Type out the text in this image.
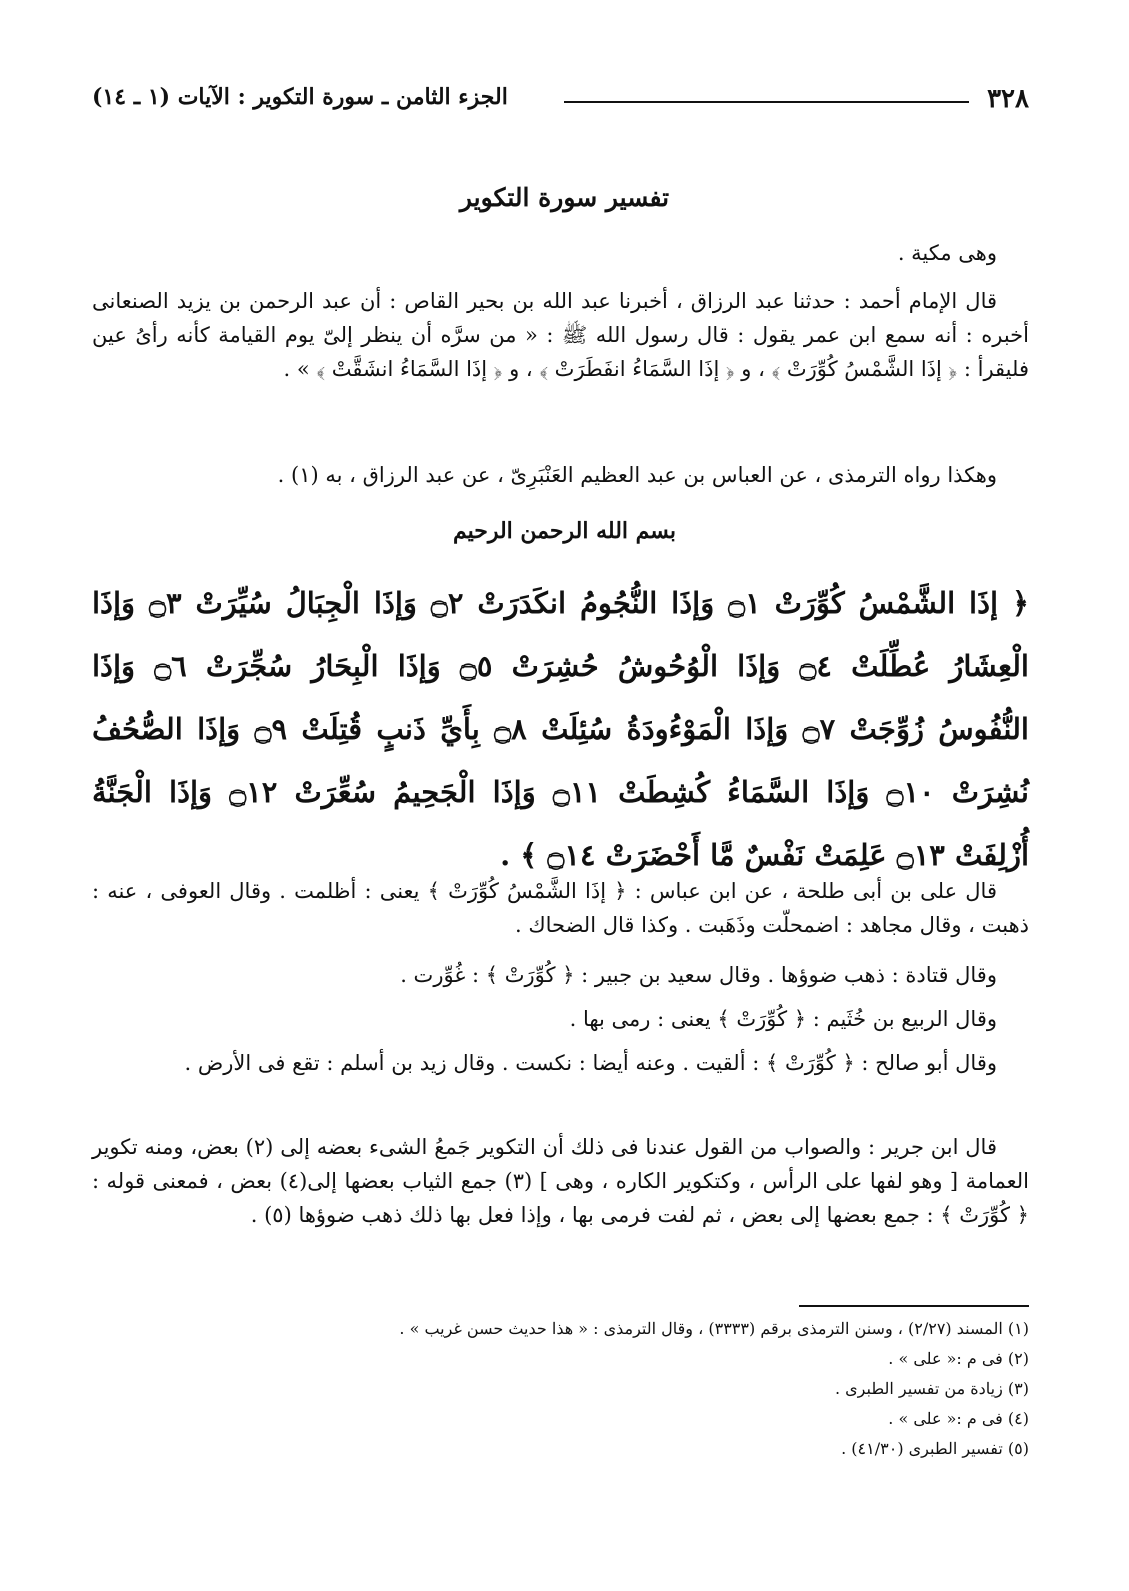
٣٢٨
الجزء الثامن ـ سورة التكوير : الآيات (١ ـ ١٤)
تفسير سورة التكوير

وهى مكية .

قال الإمام أحمد : حدثنا عبد الرزاق ، أخبرنا عبد الله بن بحير القاص : أن عبد الرحمن بن يزيد الصنعانى أخبره : أنه سمع ابن عمر يقول : قال رسول الله ﷺ : « من سرَّه أن ينظر إلىّ يوم القيامة كأنه رأىُ عين فليقرأ : ﴿ إذَا الشَّمْسُ كُوِّرَتْ ﴾ ، و ﴿ إذَا السَّمَاءُ انفَطَرَتْ ﴾ ، و ﴿ إذَا السَّمَاءُ انشَقَّتْ ﴾ » .

وهكذا رواه الترمذى ، عن العباس بن عبد العظيم العَنْبَرِىّ ، عن عبد الرزاق ، به (١) .

بسم الله الرحمن الرحيم

﴿ إذَا الشَّمْسُ كُوِّرَتْ ۝١ وَإذَا النُّجُومُ انكَدَرَتْ ۝٢ وَإذَا الْجِبَالُ سُيِّرَتْ ۝٣ وَإذَا الْعِشَارُ عُطِّلَتْ ۝٤ وَإذَا الْوُحُوشُ حُشِرَتْ ۝٥ وَإذَا الْبِحَارُ سُجِّرَتْ ۝٦ وَإذَا النُّفُوسُ زُوِّجَتْ ۝٧ وَإذَا الْمَوْءُودَةُ سُئِلَتْ ۝٨ بِأَيِّ ذَنبٍ قُتِلَتْ ۝٩ وَإذَا الصُّحُفُ نُشِرَتْ ۝١٠ وَإذَا السَّمَاءُ كُشِطَتْ ۝١١ وَإذَا الْجَحِيمُ سُعِّرَتْ ۝١٢ وَإذَا الْجَنَّةُ أُزْلِفَتْ ۝١٣ عَلِمَتْ نَفْسٌ مَّا أَحْضَرَتْ ۝١٤ ﴾ .

قال على بن أبى طلحة ، عن ابن عباس : ﴿ إذَا الشَّمْسُ كُوِّرَتْ ﴾ يعنى : أظلمت . وقال العوفى ، عنه : ذهبت ، وقال مجاهد : اضمحلّت وذَهَبت . وكذا قال الضحاك .

وقال قتادة : ذهب ضوؤها . وقال سعيد بن جبير : ﴿ كُوِّرَتْ ﴾ : غُوِّرت .

وقال الربيع بن خُثَيم : ﴿ كُوِّرَتْ ﴾ يعنى : رمى بها .

وقال أبو صالح : ﴿ كُوِّرَتْ ﴾ : ألقيت . وعنه أيضا : نكست . وقال زيد بن أسلم : تقع فى الأرض .

قال ابن جرير : والصواب من القول عندنا فى ذلك أن التكوير جَمعُ الشىء بعضه إلى (٢) بعض، ومنه تكوير العمامة [ وهو لفها على الرأس ، وكتكوير الكاره ، وهى ] (٣) جمع الثياب بعضها إلى(٤) بعض ، فمعنى قوله : ﴿ كُوِّرَتْ ﴾ : جمع بعضها إلى بعض ، ثم لفت فرمى بها ، وإذا فعل بها ذلك ذهب ضوؤها (٥) .

(١) المسند (٢/٢٧) ، وسنن الترمذى برقم (٣٣٣٣) ، وقال الترمذى : « هذا حديث حسن غريب » .
(٢) فى م :« على » .
(٣) زيادة من تفسير الطبرى .
(٤) فى م :« على » .
(٥) تفسير الطبرى (٤١/٣٠) .
